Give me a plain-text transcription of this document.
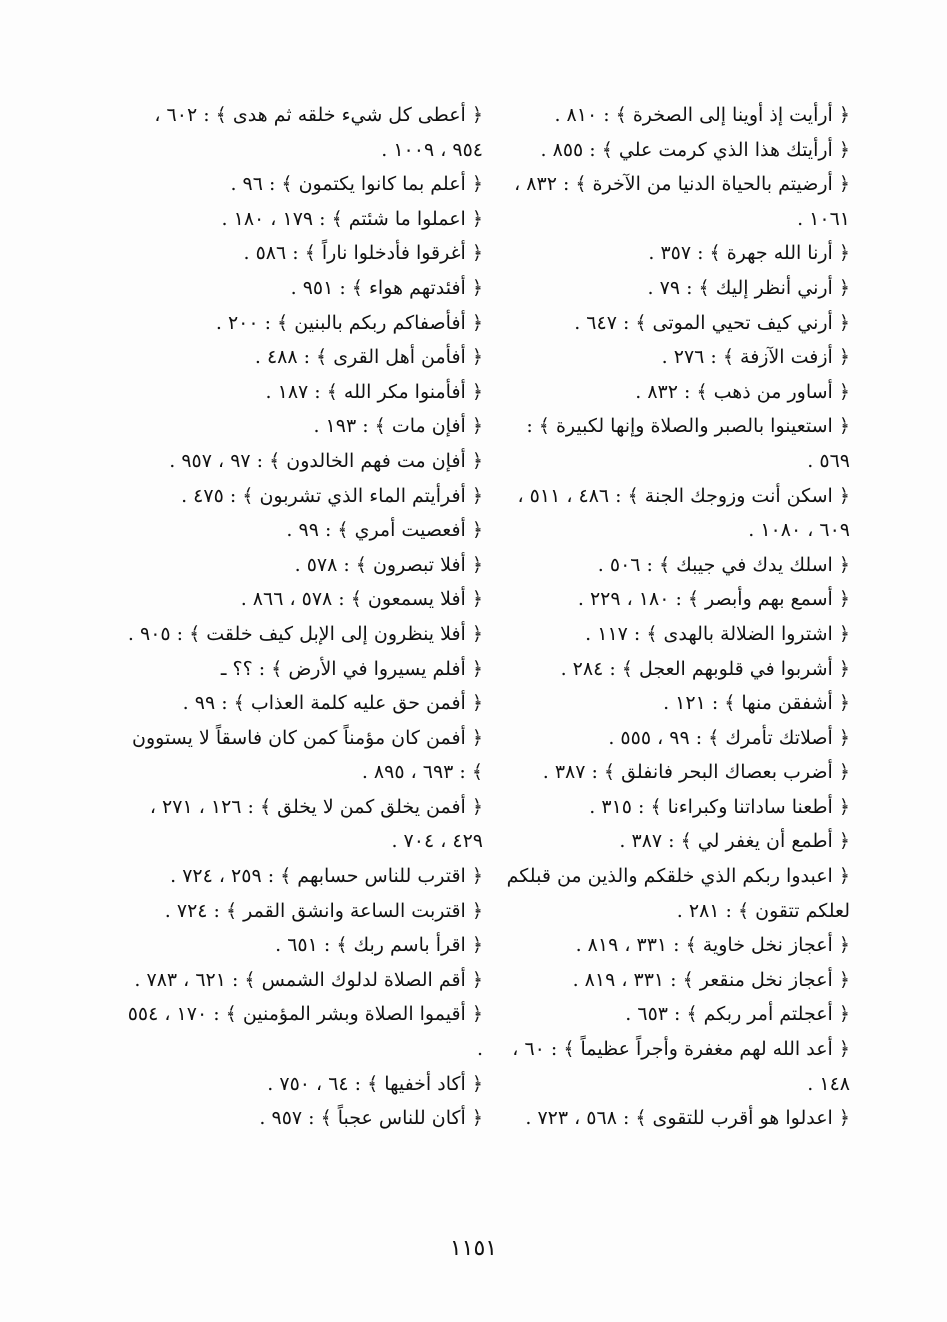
﴿ أرأيت إذ أوينا إلى الصخرة ﴾ : ٨١٠ .
﴿ أرأيتك هذا الذي كرمت علي ﴾ : ٨٥٥ .
﴿ أرضيتم بالحياة الدنيا من الآخرة ﴾ : ٨٣٢ ، ١٠٦١ .
﴿ أرنا الله جهرة ﴾ : ٣٥٧ .
﴿ أرني أنظر إليك ﴾ : ٧٩ .
﴿ أرني كيف تحيي الموتى ﴾ : ٦٤٧ .
﴿ أزفت الآزفة ﴾ : ٢٧٦ .
﴿ أساور من ذهب ﴾ : ٨٣٢ .
﴿ استعينوا بالصبر والصلاة وإنها لكبيرة ﴾ : ٥٦٩ .
﴿ اسكن أنت وزوجك الجنة ﴾ : ٤٨٦ ، ٥١١ ، ٦٠٩ ، ١٠٨٠ .
﴿ اسلك يدك في جيبك ﴾ : ٥٠٦ .
﴿ أسمع بهم وأبصر ﴾ : ١٨٠ ، ٢٢٩ .
﴿ اشتروا الضلالة بالهدى ﴾ : ١١٧ .
﴿ أشربوا في قلوبهم العجل ﴾ : ٢٨٤ .
﴿ أشفقن منها ﴾ : ١٢١ .
﴿ أصلاتك تأمرك ﴾ : ٩٩ ، ٥٥٥ .
﴿ أضرب بعصاك البحر فانفلق ﴾ : ٣٨٧ .
﴿ أطعنا ساداتنا وكبراءنا ﴾ : ٣١٥ .
﴿ أطمع أن يغفر لي ﴾ : ٣٨٧ .
﴿ اعبدوا ربكم الذي خلقكم والذين من قبلكم لعلكم تتقون ﴾ : ٢٨١ .
﴿ أعجاز نخل خاوية ﴾ : ٣٣١ ، ٨١٩ .
﴿ أعجاز نخل منقعر ﴾ : ٣٣١ ، ٨١٩ .
﴿ أعجلتم أمر ربكم ﴾ : ٦٥٣ .
﴿ أعد الله لهم مغفرة وأجراً عظيماً ﴾ : ٦٠ ، ١٤٨ .
﴿ اعدلوا هو أقرب للتقوى ﴾ : ٥٦٨ ، ٧٢٣ .
﴿ أعطى كل شيء خلقه ثم هدى ﴾ : ٦٠٢ ، ٩٥٤ ، ١٠٠٩ .
﴿ أعلم بما كانوا يكتمون ﴾ : ٩٦ .
﴿ اعملوا ما شئتم ﴾ : ١٧٩ ، ١٨٠ .
﴿ أغرقوا فأدخلوا ناراً ﴾ : ٥٨٦ .
﴿ أفئدتهم هواء ﴾ : ٩٥١ .
﴿ أفأصفاكم ربكم بالبنين ﴾ : ٢٠٠ .
﴿ أفأمن أهل القرى ﴾ : ٤٨٨ .
﴿ أفأمنوا مكر الله ﴾ : ١٨٧ .
﴿ أفإن مات ﴾ : ١٩٣ .
﴿ أفإن مت فهم الخالدون ﴾ : ٩٧ ، ٩٥٧ .
﴿ أفرأيتم الماء الذي تشربون ﴾ : ٤٧٥ .
﴿ أفعصيت أمري ﴾ : ٩٩ .
﴿ أفلا تبصرون ﴾ : ٥٧٨ .
﴿ أفلا يسمعون ﴾ : ٥٧٨ ، ٨٦٦ .
﴿ أفلا ينظرون إلى الإبل كيف خلقت ﴾ : ٩٠٥ .
﴿ أفلم يسيروا في الأرض ﴾ : ؟؟ ـ
﴿ أفمن حق عليه كلمة العذاب ﴾ : ٩٩ .
﴿ أفمن كان مؤمناً كمن كان فاسقاً لا يستوون ﴾ : ٦٩٣ ، ٨٩٥ .
﴿ أفمن يخلق كمن لا يخلق ﴾ : ١٢٦ ، ٢٧١ ، ٤٢٩ ، ٧٠٤ .
﴿ اقترب للناس حسابهم ﴾ : ٢٥٩ ، ٧٢٤ .
﴿ اقتربت الساعة وانشق القمر ﴾ : ٧٢٤ .
﴿ اقرأ باسم ربك ﴾ : ٦٥١ .
﴿ أقم الصلاة لدلوك الشمس ﴾ : ٦٢١ ، ٧٨٣ .
﴿ أقيموا الصلاة وبشر المؤمنين ﴾ : ١٧٠ ، ٥٥٤ .
﴿ أكاد أخفيها ﴾ : ٦٤ ، ٧٥٠ .
﴿ أكان للناس عجباً ﴾ : ٩٥٧ .
١١٥١
